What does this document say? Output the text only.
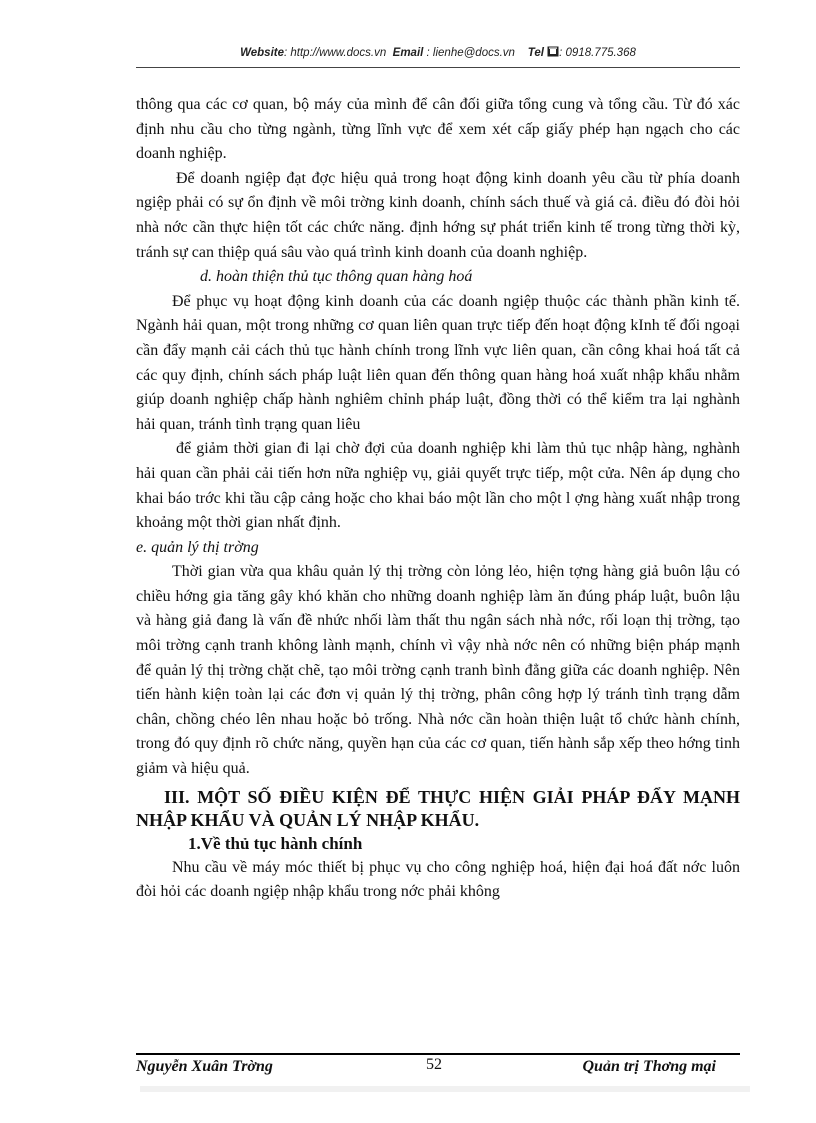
Website: http://www.docs.vn Email : lienhe@docs.vn Tel : 0918.775.368

thông qua các cơ quan, bộ máy của mình để cân đối giữa tổng cung và tổng cầu. Từ đó xác định nhu cầu cho từng ngành, từng lĩnh vực để xem xét cấp giấy phép hạn ngạch cho các doanh nghiệp.

Để doanh ngiệp đạt đợc hiệu quả trong hoạt động kinh doanh yêu cầu từ phía doanh ngiệp phải có sự ổn định về môi trờng kinh doanh, chính sách thuế và giá cả. điều đó đòi hỏi nhà nớc cần thực hiện tốt các chức năng. định hớng sự phát triển kinh tế trong từng thời kỳ, tránh sự can thiệp quá sâu vào quá trình kinh doanh của doanh nghiệp.

d. hoàn thiện thủ tục thông quan hàng hoá

Để phục vụ hoạt động kinh doanh của các doanh ngiệp thuộc các thành phần kinh tế. Ngành hải quan, một trong những cơ quan liên quan trực tiếp đến hoạt động kInh tế đối ngoại cần đẩy mạnh cải cách thủ tục hành chính trong lĩnh vực liên quan, cần công khai hoá tất cả các quy định, chính sách pháp luật liên quan đến thông quan hàng hoá xuất nhập khẩu nhằm giúp doanh nghiệp chấp hành nghiêm chỉnh pháp luật, đồng thời có thể kiểm tra lại nghành hải quan, tránh tình trạng quan liêu

để giảm thời gian đi lại chờ đợi của doanh nghiệp khi làm thủ tục nhập hàng, nghành hải quan cần phải cải tiến hơn nữa nghiệp vụ, giải quyết trực tiếp, một cửa. Nên áp dụng cho khai báo trớc khi tầu cập cảng hoặc cho khai báo một lần cho một l ợng hàng xuất nhập trong khoảng một thời gian nhất định.

e. quản lý thị trờng

Thời gian vừa qua khâu quản lý thị trờng còn lỏng lẻo, hiện tợng hàng giả buôn lậu có chiều hớng gia tăng gây khó khăn cho những doanh nghiệp làm ăn đúng pháp luật, buôn lậu và hàng giả đang là vấn đề nhức nhối làm thất thu ngân sách nhà nớc, rối loạn thị trờng, tạo môi trờng cạnh tranh không lành mạnh, chính vì vậy nhà nớc nên có những biện pháp mạnh để quản lý thị trờng chặt chẽ, tạo môi trờng cạnh tranh bình đẳng giữa các doanh nghiệp. Nên tiến hành kiện toàn lại các đơn vị quản lý thị trờng, phân công hợp lý tránh tình trạng dẫm chân, chồng chéo lên nhau hoặc bỏ trống. Nhà nớc cần hoàn thiện luật tổ chức hành chính, trong đó quy định rõ chức năng, quyền hạn của các cơ quan, tiến hành sắp xếp theo hớng tinh giảm và hiệu quả.

III. MỘT SỐ ĐIỀU KIỆN ĐỂ THỰC HIỆN GIẢI PHÁP ĐẨY MẠNH NHẬP KHẨU VÀ QUẢN LÝ NHẬP KHẨU.

1.Về thủ tục hành chính

Nhu cầu về máy móc thiết bị phục vụ cho công nghiệp hoá, hiện đại hoá đất nớc luôn đòi hỏi các doanh ngiệp nhập khẩu trong nớc phải không

Nguyễn Xuân Trờng	52	Quản trị Thơng mại
